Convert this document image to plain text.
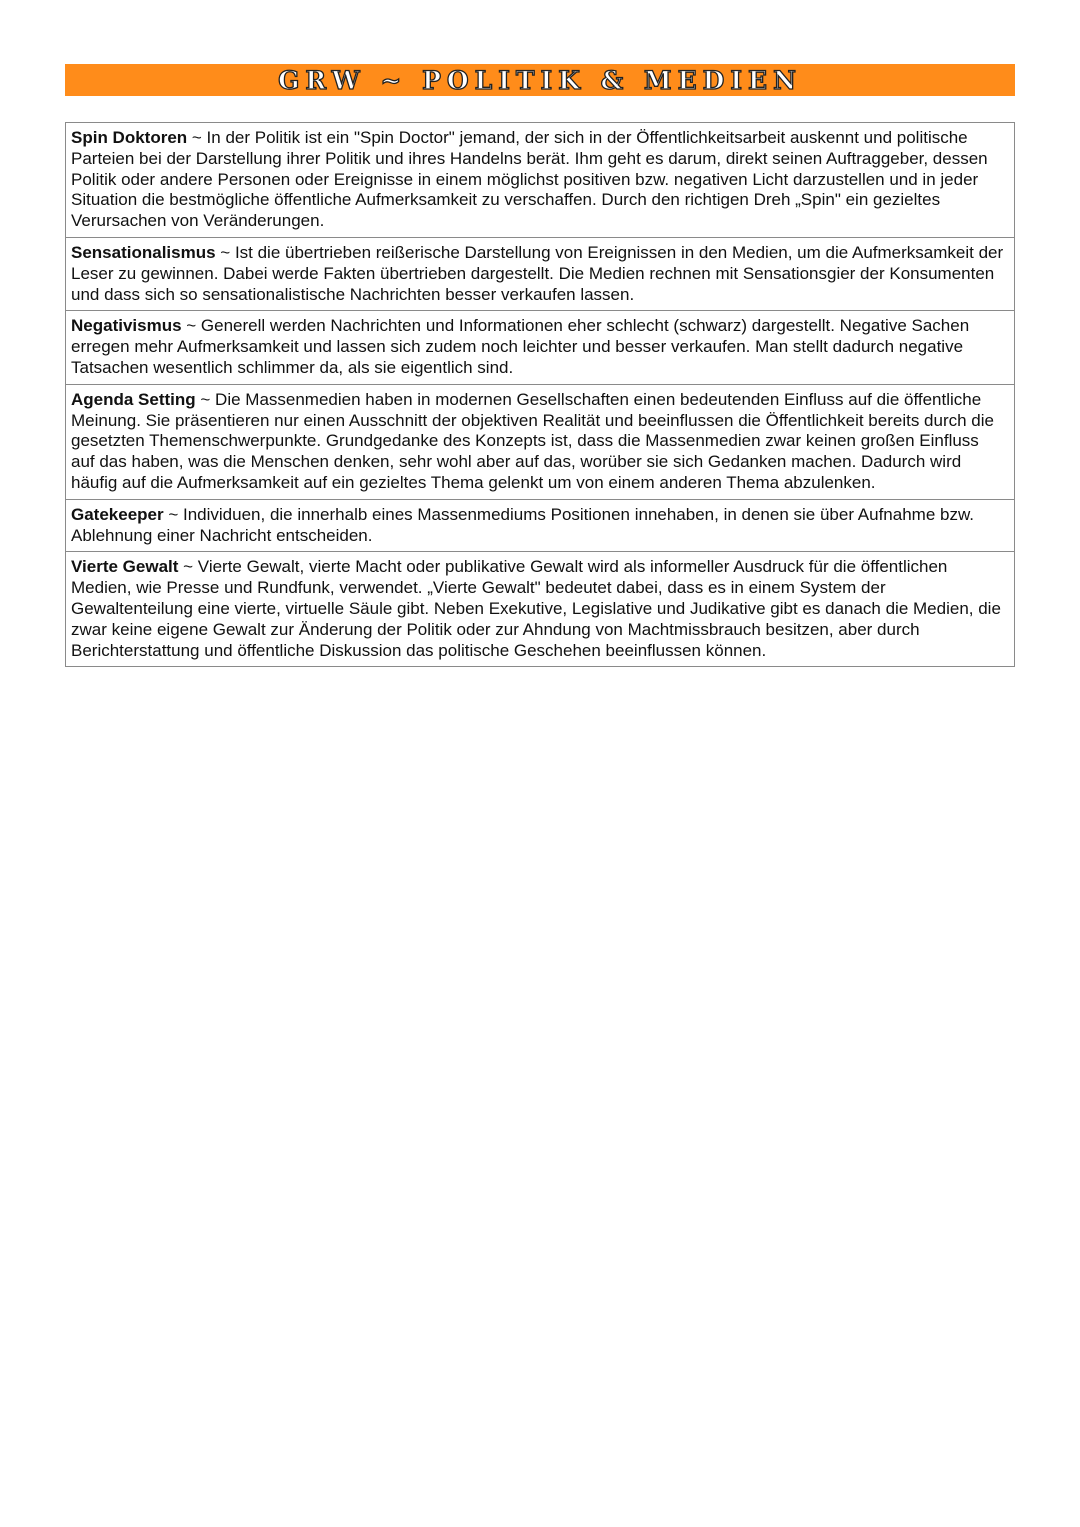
GRW ~ POLITIK & MEDIEN
Spin Doktoren ~ In der Politik ist ein "Spin Doctor" jemand, der sich in der Öffentlichkeitsarbeit auskennt und politische Parteien bei der Darstellung ihrer Politik und ihres Handelns berät. Ihm geht es darum, direkt seinen Auftraggeber, dessen Politik oder andere Personen oder Ereignisse in einem möglichst positiven bzw. negativen Licht darzustellen und in jeder Situation die bestmögliche öffentliche Aufmerksamkeit zu verschaffen. Durch den richtigen Dreh „Spin" ein gezieltes Verursachen von Veränderungen.
Sensationalismus ~ Ist die übertrieben reißerische Darstellung von Ereignissen in den Medien, um die Aufmerksamkeit der Leser zu gewinnen. Dabei werde Fakten übertrieben dargestellt. Die Medien rechnen mit Sensationsgier der Konsumenten und dass sich so sensationalistische Nachrichten besser verkaufen lassen.
Negativismus ~ Generell werden Nachrichten und Informationen eher schlecht (schwarz) dargestellt. Negative Sachen erregen mehr Aufmerksamkeit und lassen sich zudem noch leichter und besser verkaufen. Man stellt dadurch negative Tatsachen wesentlich schlimmer da, als sie eigentlich sind.
Agenda Setting ~ Die Massenmedien haben in modernen Gesellschaften einen bedeutenden Einfluss auf die öffentliche Meinung. Sie präsentieren nur einen Ausschnitt der objektiven Realität und beeinflussen die Öffentlichkeit bereits durch die gesetzten Themenschwerpunkte. Grundgedanke des Konzepts ist, dass die Massenmedien zwar keinen großen Einfluss auf das haben, was die Menschen denken, sehr wohl aber auf das, worüber sie sich Gedanken machen. Dadurch wird häufig auf die Aufmerksamkeit auf ein gezieltes Thema gelenkt um von einem anderen Thema abzulenken.
Gatekeeper ~ Individuen, die innerhalb eines Massenmediums Positionen innehaben, in denen sie über Aufnahme bzw. Ablehnung einer Nachricht entscheiden.
Vierte Gewalt ~ Vierte Gewalt, vierte Macht oder publikative Gewalt wird als informeller Ausdruck für die öffentlichen Medien, wie Presse und Rundfunk, verwendet. „Vierte Gewalt" bedeutet dabei, dass es in einem System der Gewaltenteilung eine vierte, virtuelle Säule gibt. Neben Exekutive, Legislative und Judikative gibt es danach die Medien, die zwar keine eigene Gewalt zur Änderung der Politik oder zur Ahndung von Machtmissbrauch besitzen, aber durch Berichterstattung und öffentliche Diskussion das politische Geschehen beeinflussen können.
